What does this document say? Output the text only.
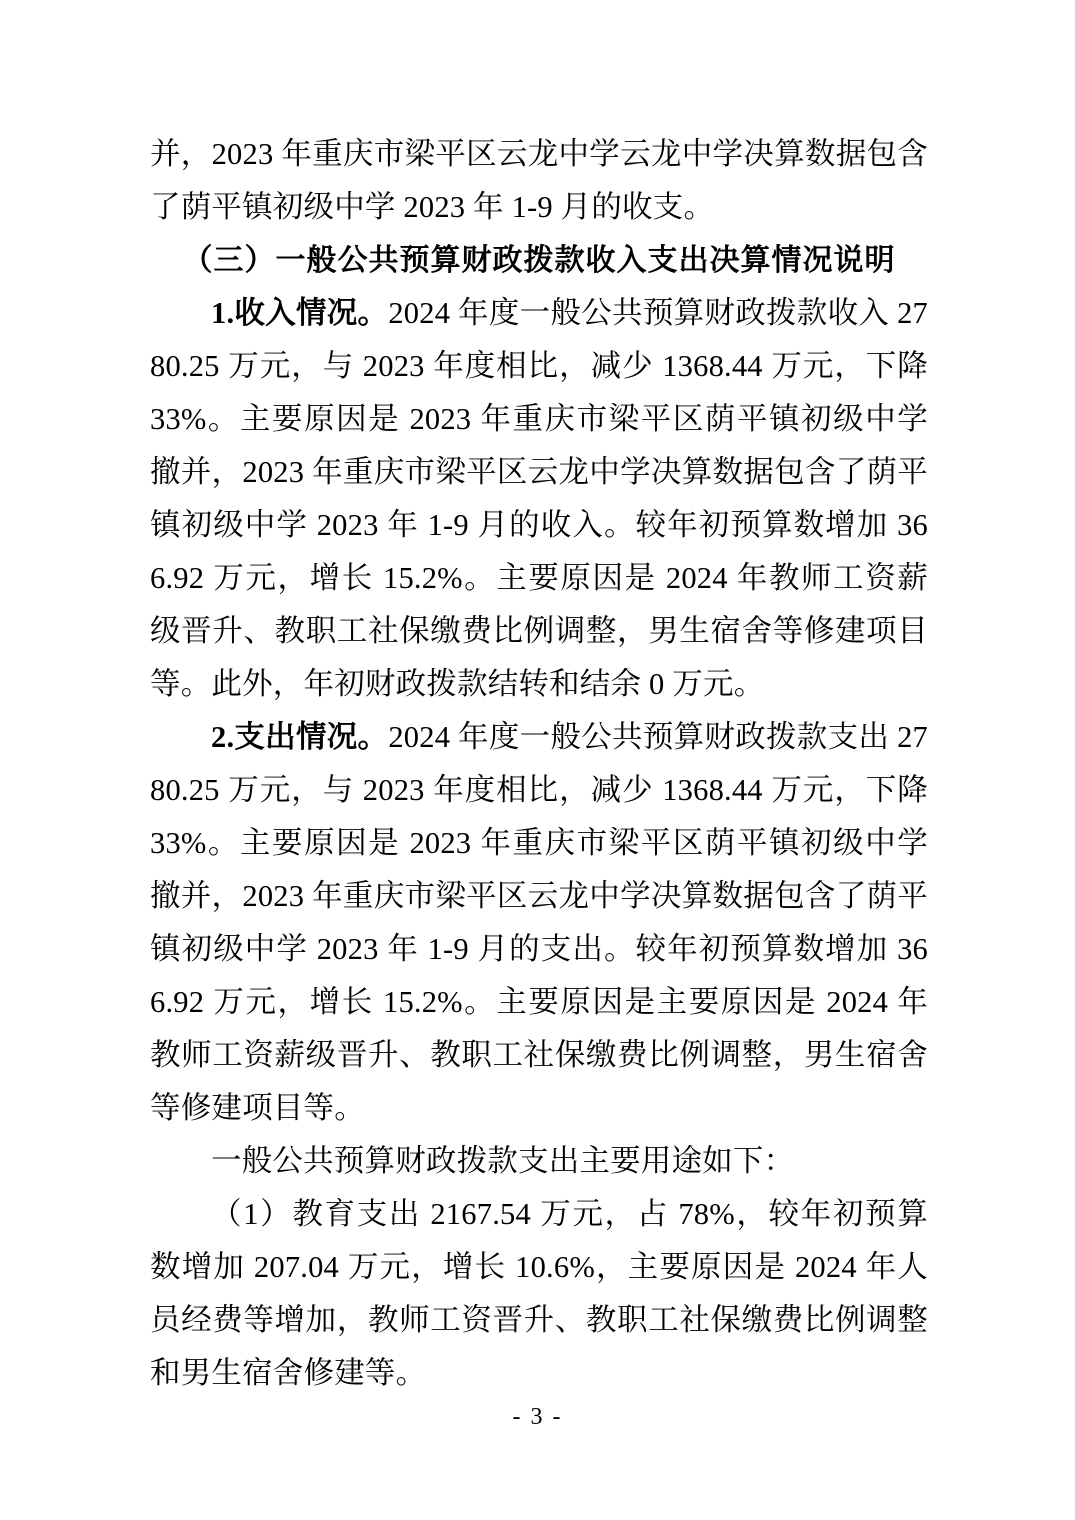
并，2023 年重庆市梁平区云龙中学云龙中学决算数据包含了荫平镇初级中学 2023 年 1-9 月的收支。

（三）一般公共预算财政拨款收入支出决算情况说明

1.收入情况。2024 年度一般公共预算财政拨款收入 2780.25 万元，与 2023 年度相比，减少 1368.44 万元，下降 33%。主要原因是 2023 年重庆市梁平区荫平镇初级中学撤并，2023 年重庆市梁平区云龙中学决算数据包含了荫平镇初级中学 2023 年 1-9 月的收入。较年初预算数增加 366.92 万元，增长 15.2%。主要原因是 2024 年教师工资薪级晋升、教职工社保缴费比例调整，男生宿舍等修建项目等。此外，年初财政拨款结转和结余 0 万元。

2.支出情况。2024 年度一般公共预算财政拨款支出 2780.25 万元，与 2023 年度相比，减少 1368.44 万元，下降 33%。主要原因是 2023 年重庆市梁平区荫平镇初级中学撤并，2023 年重庆市梁平区云龙中学决算数据包含了荫平镇初级中学 2023 年 1-9 月的支出。较年初预算数增加 366.92 万元，增长 15.2%。主要原因是主要原因是 2024 年教师工资薪级晋升、教职工社保缴费比例调整，男生宿舍等修建项目等。

一般公共预算财政拨款支出主要用途如下：

（1）教育支出 2167.54 万元，占 78%，较年初预算数增加 207.04 万元，增长 10.6%，主要原因是 2024 年人员经费等增加，教师工资晋升、教职工社保缴费比例调整和男生宿舍修建等。

- 3 -
